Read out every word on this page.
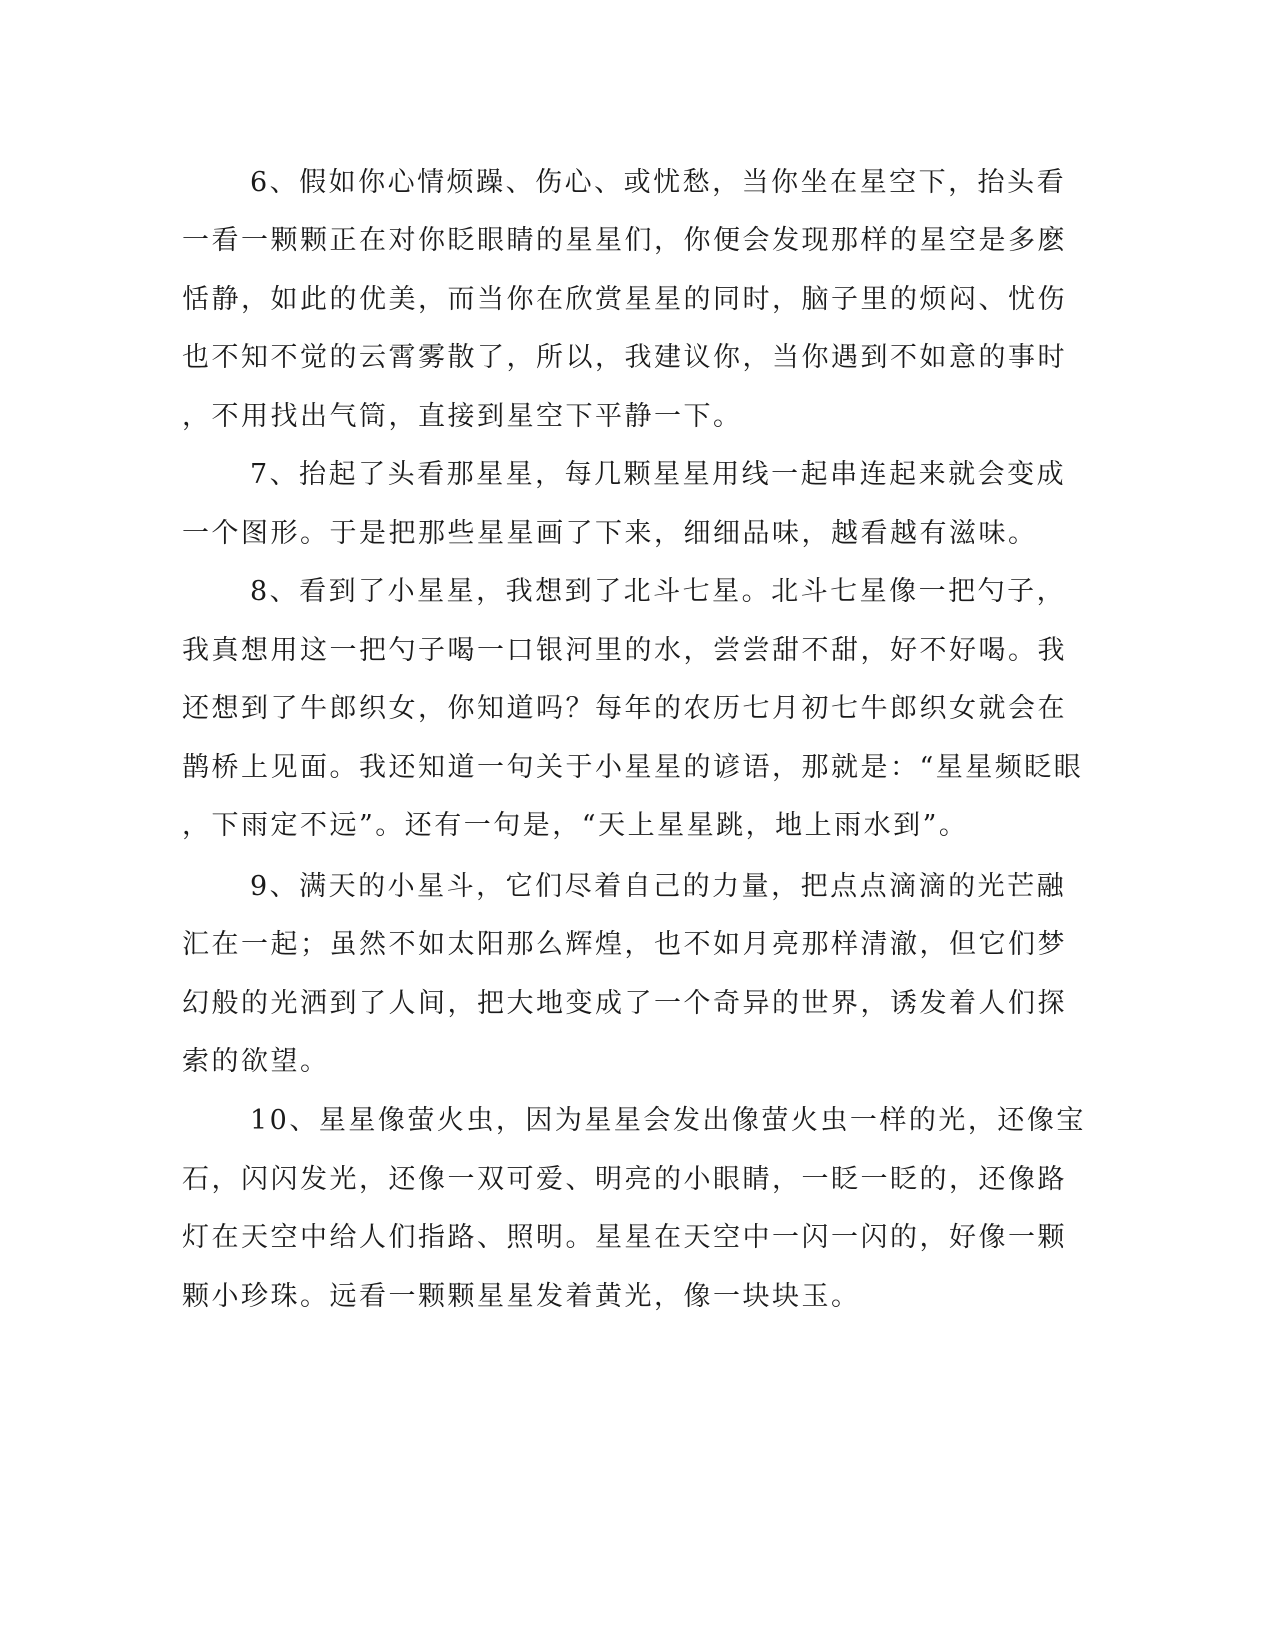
6、假如你心情烦躁、伤心、或忧愁，当你坐在星空下，抬头看
一看一颗颗正在对你眨眼睛的星星们，你便会发现那样的星空是多麽
恬静，如此的优美，而当你在欣赏星星的同时，脑子里的烦闷、忧伤
也不知不觉的云霄雾散了，所以，我建议你，当你遇到不如意的事时
，不用找出气筒，直接到星空下平静一下。
7、抬起了头看那星星，每几颗星星用线一起串连起来就会变成
一个图形。于是把那些星星画了下来，细细品味，越看越有滋味。
8、看到了小星星，我想到了北斗七星。北斗七星像一把勺子，
我真想用这一把勺子喝一口银河里的水，尝尝甜不甜，好不好喝。我
还想到了牛郎织女，你知道吗？每年的农历七月初七牛郎织女就会在
鹊桥上见面。我还知道一句关于小星星的谚语，那就是：“星星频眨眼
，下雨定不远”。还有一句是，“天上星星跳，地上雨水到”。
9、满天的小星斗，它们尽着自己的力量，把点点滴滴的光芒融
汇在一起；虽然不如太阳那么辉煌，也不如月亮那样清澈，但它们梦
幻般的光洒到了人间，把大地变成了一个奇异的世界，诱发着人们探
索的欲望。
10、星星像萤火虫，因为星星会发出像萤火虫一样的光，还像宝
石，闪闪发光，还像一双可爱、明亮的小眼睛，一眨一眨的，还像路
灯在天空中给人们指路、照明。星星在天空中一闪一闪的，好像一颗
颗小珍珠。远看一颗颗星星发着黄光，像一块块玉。
